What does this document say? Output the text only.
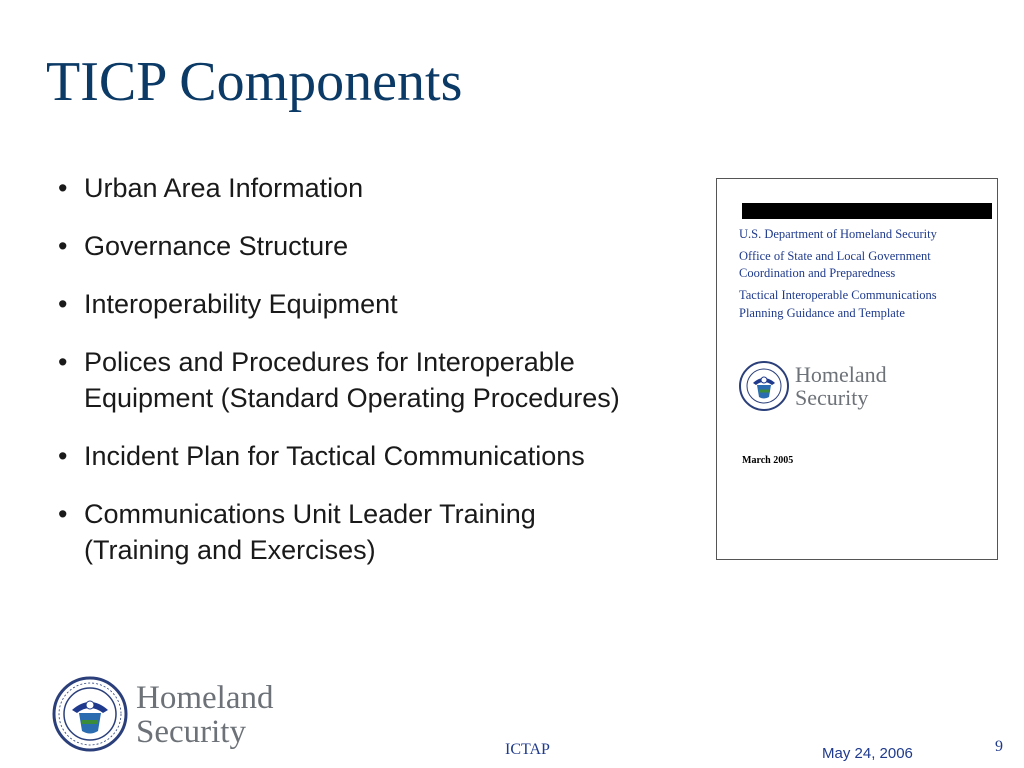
TICP Components
• Urban Area Information
• Governance Structure
• Interoperability Equipment
• Polices and Procedures for Interoperable
Equipment (Standard Operating Procedures)
• Incident Plan for Tactical Communications
• Communications Unit Leader Training
(Training and Exercises)
U.S. Department of Homeland Security
Office of State and Local Government
Coordination and Preparedness
Tactical Interoperable Communications
Planning Guidance and Template
Homeland
Security
March 2005
Homeland
Security	ICTAP	May 24, 2006	9
